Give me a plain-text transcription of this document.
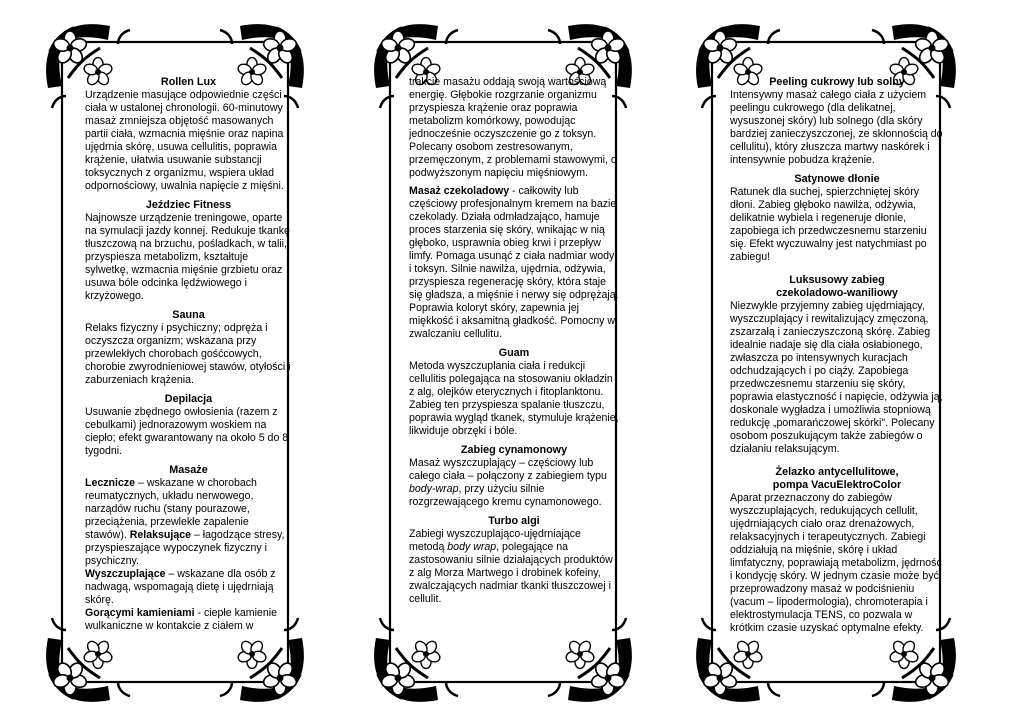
Rollen Lux

Urządzenie masujące odpowiednie części ciała w ustalonej chronologii. 60-minutowy masaż zmniejsza objętość masowanych partii ciała, wzmacnia mięśnie oraz napina i ujędrnia skórę, usuwa cellulitis, poprawia krążenie, ułatwia usuwanie substancji toksycznych z organizmu, wspiera układ odpornościowy, uwalnia napięcie z mięśni.

Jeździec Fitness

Najnowsze urządzenie treningowe, oparte na symulacji jazdy konnej. Redukuje tkankę tłuszczową na brzuchu, pośladkach, w talii, przyspiesza metabolizm, kształtuje sylwetkę, wzmacnia mięśnie grzbietu oraz usuwa bóle odcinka lędźwiowego i krzyżowego.

Sauna

Relaks fizyczny i psychiczny; odpręża i oczyszcza organizm; wskazana przy przewlekłych chorobach gośćcowych, chorobie zwyrodnieniowej stawów, otyłości i zaburzeniach krążenia.

Depilacja

Usuwanie zbędnego owłosienia (razem z cebulkami) jednorazowym woskiem na ciepło; efekt gwarantowany na około 5 do 8 tygodni.

Masaże

Lecznicze – wskazane w chorobach reumatycznych, układu nerwowego, narządów ruchu (stany pourazowe, przeciążenia, przewlekłe zapalenie stawów). Relaksujące – łagodzące stresy, przyspieszające wypoczynek fizyczny i psychiczny.
Wyszczuplające – wskazane dla osób z nadwagą, wspomagają dietę i ujędrniają skórę.
Gorącymi kamieniami - ciepłe kamienie wulkaniczne w kontakcie z ciałem w

trakcie masażu oddają swoją wartościową energię. Głębokie rozgrzanie organizmu przyspiesza krążenie oraz poprawia metabolizm komórkowy, powodując jednocześnie oczyszczenie go z toksyn. Polecany osobom zestresowanym, przemęczonym, z problemami stawowymi, o podwyższonym napięciu mięśniowym.

Masaż czekoladowy - całkowity lub częściowy profesjonalnym kremem na bazie czekolady. Działa odmładzająco, hamuje proces starzenia się skóry, wnikając w nią głęboko, usprawnia obieg krwi i przepływ limfy. Pomaga usunąć z ciała nadmiar wody i toksyn. Silnie nawilża, ujędrnia, odżywia, przyspiesza regenerację skóry, która staje się gładsza, a mięśnie i nerwy się odprężają. Poprawia koloryt skóry, zapewnia jej miękkość i aksamitną gładkość. Pomocny w zwalczaniu cellulitu.

Guam

Metoda wyszczuplania ciała i redukcji cellulitis polegająca na stosowaniu okładzin z alg, olejków eterycznych i fitoplanktonu. Zabieg ten przyspiesza spalanie tłuszczu, poprawia wygląd tkanek, stymuluje krążenie, likwiduje obrzęki i bóle.

Zabieg cynamonowy

Masaż wyszczuplający – częściowy lub całego ciała – połączony z zabiegiem typu body-wrap, przy użyciu silnie rozgrzewającego kremu cynamonowego.

Turbo algi

Zabiegi wyszczuplająco-ujędrniające metodą body wrap, polegające na zastosowaniu silnie działających produktów z alg Morza Martwego i drobinek kofeiny, zwalczających nadmiar tkanki tłuszczowej i cellulit.

Peeling cukrowy lub solny

Intensywny masaż całego ciała z użyciem peelingu cukrowego (dla delikatnej, wysuszonej skóry) lub solnego (dla skóry bardziej zanieczyszczonej, ze skłonnością do cellulitu), który złuszcza martwy naskórek i intensywnie pobudza krążenie.

Satynowe dłonie

Ratunek dla suchej, spierzchniętej skóry dłoni. Zabieg głęboko nawilża, odżywia, delikatnie wybiela i regeneruje dłonie, zapobiega ich przedwczesnemu starzeniu się. Efekt wyczuwalny jest natychmiast po zabiegu!

Luksusowy zabieg
czekoladowo-waniliowy

Niezwykle przyjemny zabieg ujędrniający, wyszczuplający i rewitalizujący zmęczoną, zszarzałą i zanieczyszczoną skórę. Zabieg idealnie nadaje się dla ciała osłabionego, zwłaszcza po intensywnych kuracjach odchudzających i po ciąży. Zapobiega przedwczesnemu starzeniu się skóry, poprawia elastyczność i napięcie, odżywia ją, doskonale wygładza i umożliwia stopniową redukcję „pomarańczowej skórki". Polecany osobom poszukującym także zabiegów o działaniu relaksującym.

Żelazko antycellulitowe,
pompa VacuElektroColor

Aparat przeznaczony do zabiegów wyszczuplających, redukujących cellulit, ujędrniających ciało oraz drenażowych, relaksacyjnych i terapeutycznych. Zabiegi oddziałują na mięśnie, skórę i układ limfatyczny, poprawiają metabolizm, jędrność i kondycję skóry. W jednym czasie może być przeprowadzony masaż w podciśnieniu (vacum – lipodermologia), chromoterapia i elektrostymulacja TENS, co pozwala w krótkim czasie uzyskać optymalne efekty.
